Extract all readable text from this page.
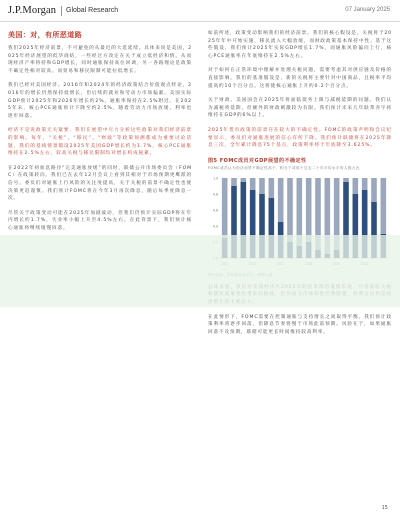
J.P.Morgan Global Research	07 January 2025
美国：对，有所恶道路
我们2025年经济前景，不可避免的从最近的大选延续。具体来说是美国，2025年经济展望的低华商结，一些经过方改定在关于成立低经济和情。从而现经济产率将持和GDP增长，同时通胀保持高位回调，另一各路理论是政策不确定性相对较高。而贸易和移民限制可能拉低增长。
我们已经对美国经济。2016年和2024年的经济政策结合价值观点经论，2016年的增长仍然保持低增长，但后续的就业和劳动力市场偏紧。美国实际GDP预计2025年和2026年增长约2%，通胀率保持在2.5%附近。在2025年末，核心PCE通胀预计下降至约2.5%，随着劳动力市场放缓，利率也逐步回落。
经济不是说政策无关紧要，我们在展望中尽力分析这些政策对我们经济前景的影响。每年，“关税”、“移民”、“财政”等政策预测都成为重要讨论话题，我们的基线情景假设2025年美国GDP增长约为1.7%，核心PCE通胀维持在2.5%左右，较高关税与移民限制均对增长构成拖累。
在2022年初加息路径“完美通胀放缓”的同时，联储公开市场委员会（FOMC）在政策转向。我们已在去年12月会议上看到其相对于市场预期更鹰派的信号。委员们对通胀上行风险的关注度提高，关于关税的前景不确定性也使决策更趋谨慎。我们预计FOMC将在今年3月再次降息，随后每季度降息一次。
尽管关于政策变动可能在2025年加剧波动，但我们仍预计实际GDP将在年内增长约1.7%，失业率小幅上升至4.5%左右。在此背景下，我们预计核心通胀将继续缓慢回落。
如前所述，政策变动影响我们的经济前景。我们的核心假设是，关税将于2025年年中开始实施，移民流入大幅放缓，而财政政策基本保持中性。基于这些假设，我们预计2025年实际GDP增长1.7%，而通胀风险偏向上行，核心PCE通胀率在年底维持在2.5%左右。
对于如何在正常环境中理解并处理关税问题，需要考虑其对供应链及价格的直接影响。我们的基准假设是，新的关税将主要针对中国商品，且税率平均提高约10个百分点。这将使核心通胀上升约0.2个百分点。
关于财政，美国国会在2025年将面临债务上限与减税延期的问题。我们认为减税将延期，但额外的财政刺激较为有限。我们预计未来几年联邦赤字将维持在GDP的6%以上。
2025年货币政策的前景存在较大的不确定性。FOMC的政策声明和会议纪要显示，委员们对通胀进展的信心有所下降。我们预计联储将在2025年降息三次，全年累计降息75个基点，政策利率将于年底降至3.625%。
图5 FOMC成员对GDP展望的不确定性
FOMC成员认为经济前景不确定性高于、相当于或低于过去二十年平均水平的人数占比
1.0
0.8
0.6
0.4
在此情形下，FOMC需要在控制通胀与支持增长之间取得平衡。我们预计政策利率将逐步回落，但降息节奏将慢于市场此前预期。风险在于，如果通胀回落不及预期，联储可能更长时间维持较高利率。
15
